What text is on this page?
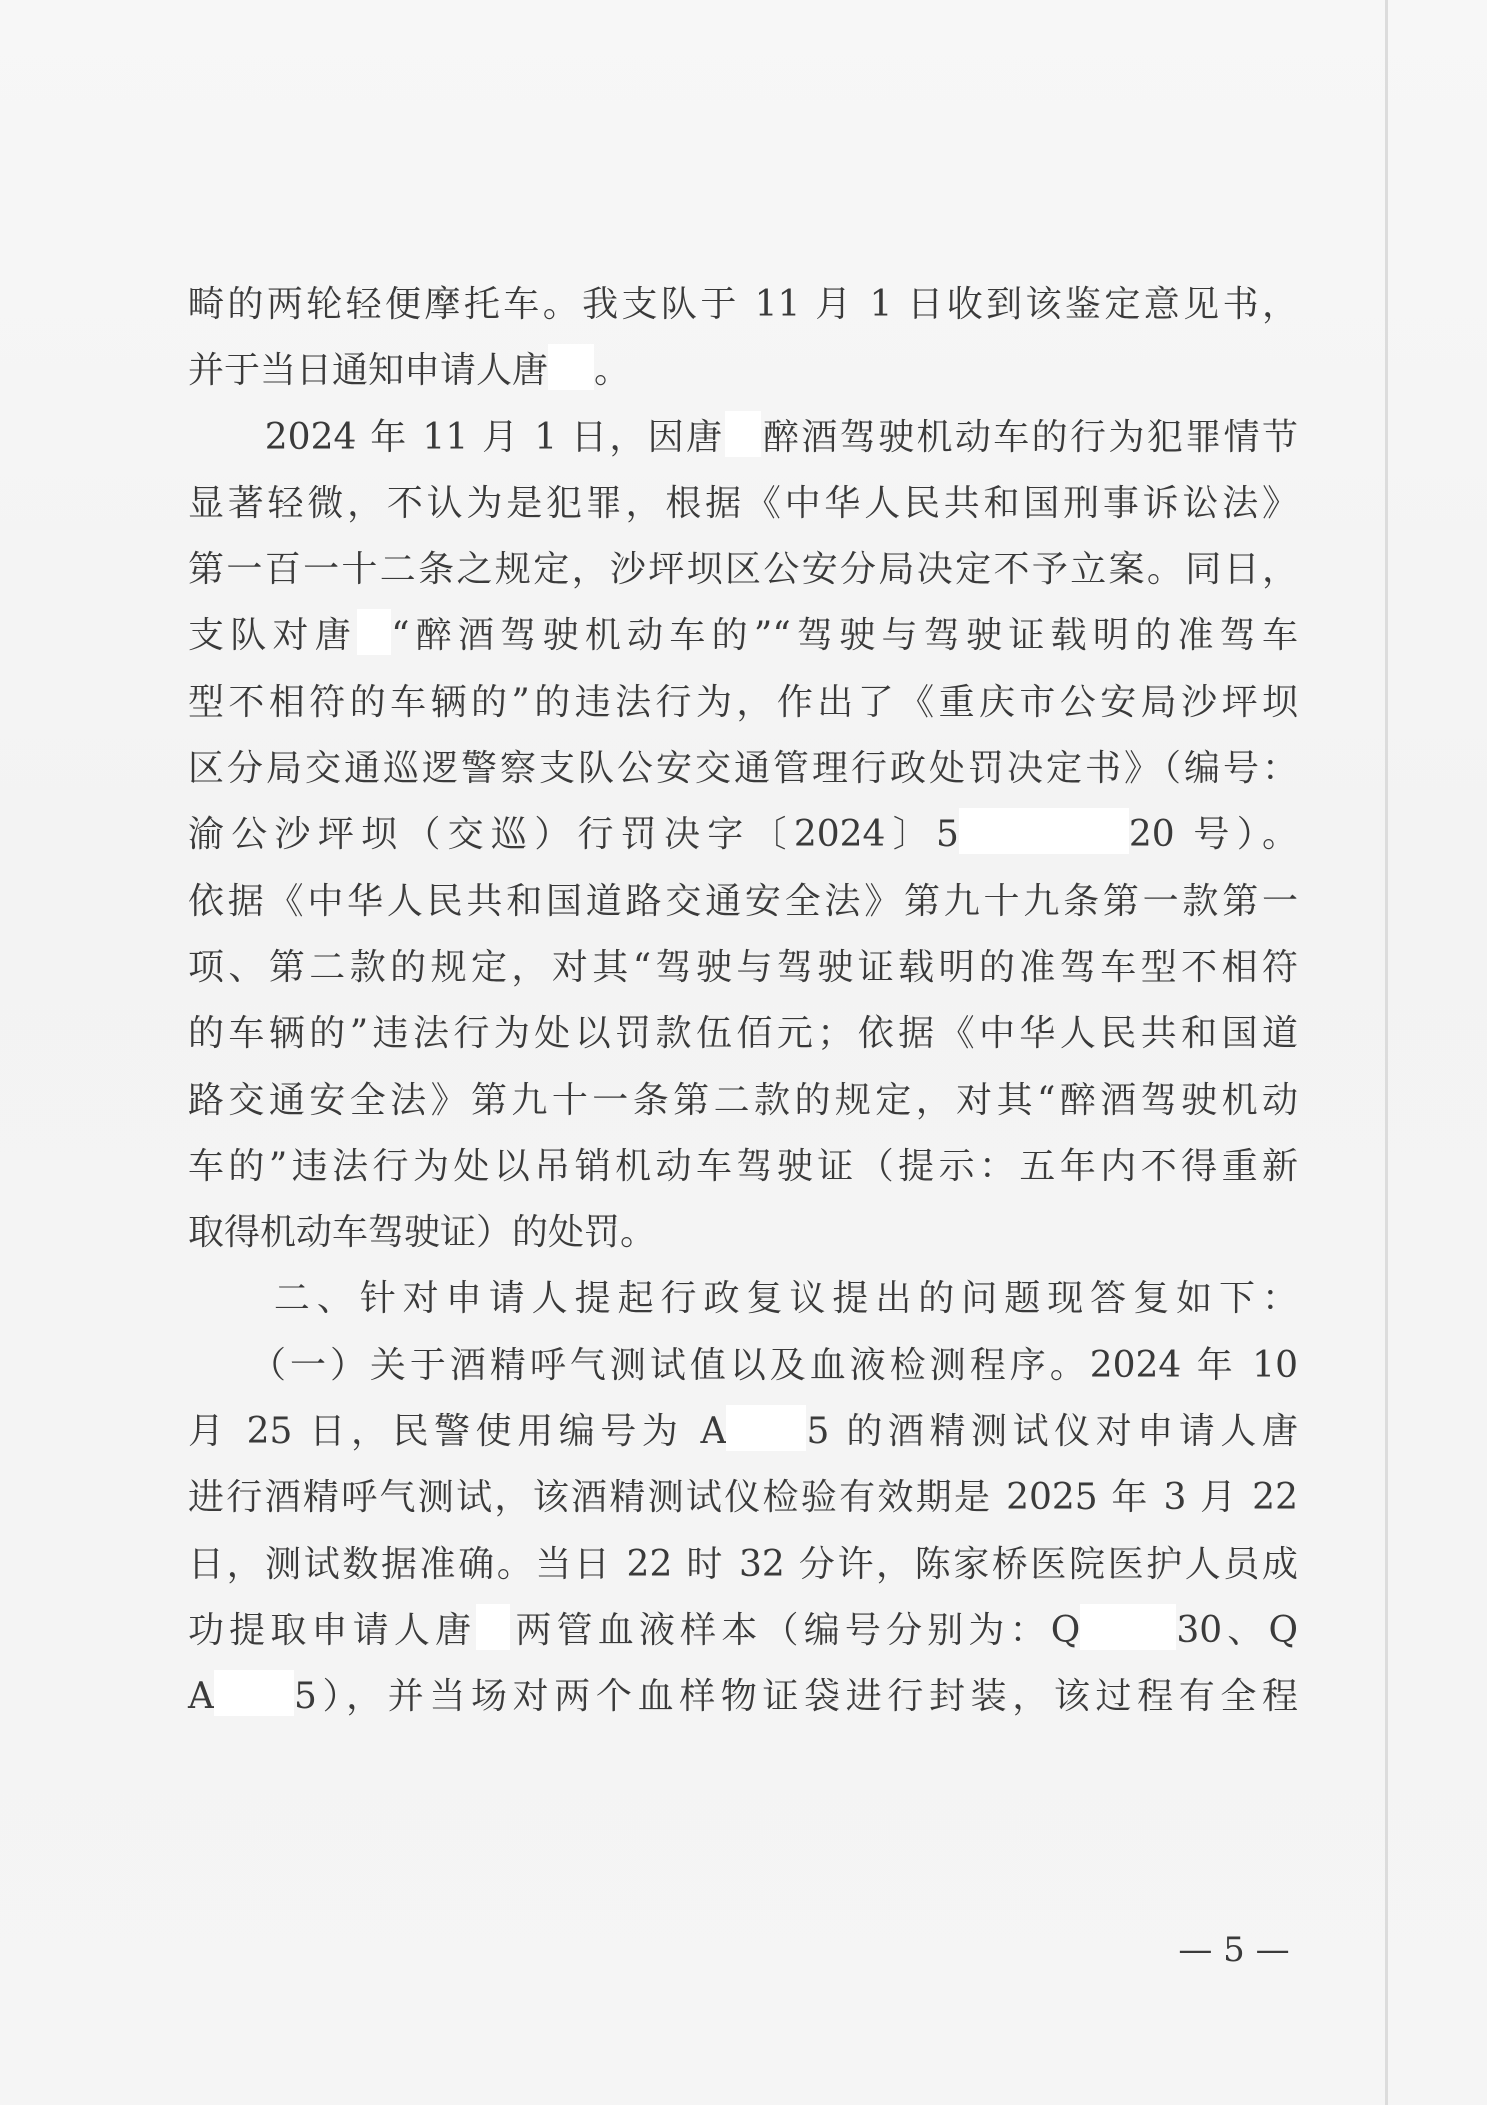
畸的两轮轻便摩托车。我支队于 11 月 1 日收到该鉴定意见书，
并于当日通知申请人唐 。
　　2024 年 11 月 1 日，因唐 醉酒驾驶机动车的行为犯罪情节
显著轻微，不认为是犯罪，根据《中华人民共和国刑事诉讼法》
第一百一十二条之规定，沙坪坝区公安分局决定不予立案。同日，
支队对唐 “醉酒驾驶机动车的”“驾驶与驾驶证载明的准驾车
型不相符的车辆的”的违法行为，作出了《重庆市公安局沙坪坝
区分局交通巡逻警察支队公安交通管理行政处罚决定书》（编号：
渝公沙坪坝（交巡）行罚决字〔2024〕5	20 号）。
依据《中华人民共和国道路交通安全法》第九十九条第一款第一
项、第二款的规定，对其“驾驶与驾驶证载明的准驾车型不相符
的车辆的”违法行为处以罚款伍佰元；依据《中华人民共和国道
路交通安全法》第九十一条第二款的规定，对其“醉酒驾驶机动
车的”违法行为处以吊销机动车驾驶证（提示：五年内不得重新
取得机动车驾驶证）的处罚。
　　二、针对申请人提起行政复议提出的问题现答复如下：
　　（一）关于酒精呼气测试值以及血液检测程序。2024 年 10
月 25 日，民警使用编号为 A 5 的酒精测试仪对申请人唐
进行酒精呼气测试，该酒精测试仪检验有效期是 2025 年 3 月 22
日，测试数据准确。当日 22 时 32 分许，陈家桥医院医护人员成
功提取申请人唐 两管血液样本（编号分别为：Q	30、Q
A 5），并当场对两个血样物证袋进行封装，该过程有全程
— 5 —
